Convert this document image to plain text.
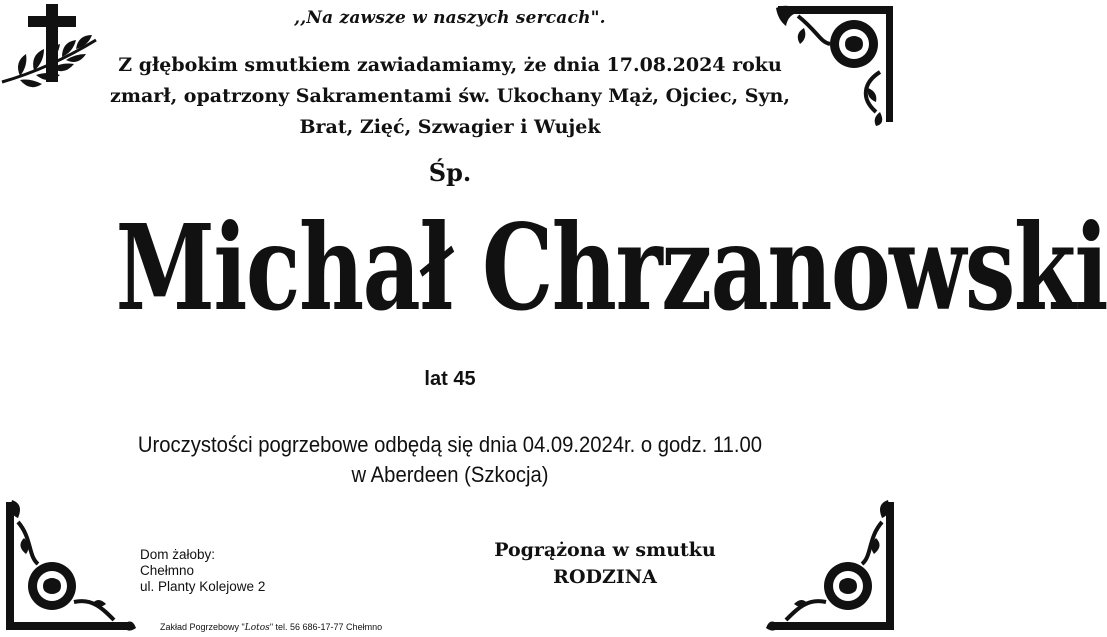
,,Na zawsze w naszych sercach".
Z głębokim smutkiem zawiadamiamy, że dnia 17.08.2024 roku
zmarł, opatrzony Sakramentami św. Ukochany Mąż, Ojciec, Syn,
Brat, Zięć, Szwagier i Wujek
Śp.
Michał Chrzanowski
lat 45
Uroczystości pogrzebowe odbędą się dnia 04.09.2024r. o godz. 11.00
w Aberdeen (Szkocja)
Dom żałoby:
Chełmno
ul. Planty Kolejowe 2
Pogrążona w smutku
RODZINA
Zakład Pogrzebowy "Lotos" tel. 56 686-17-77 Chełmno
